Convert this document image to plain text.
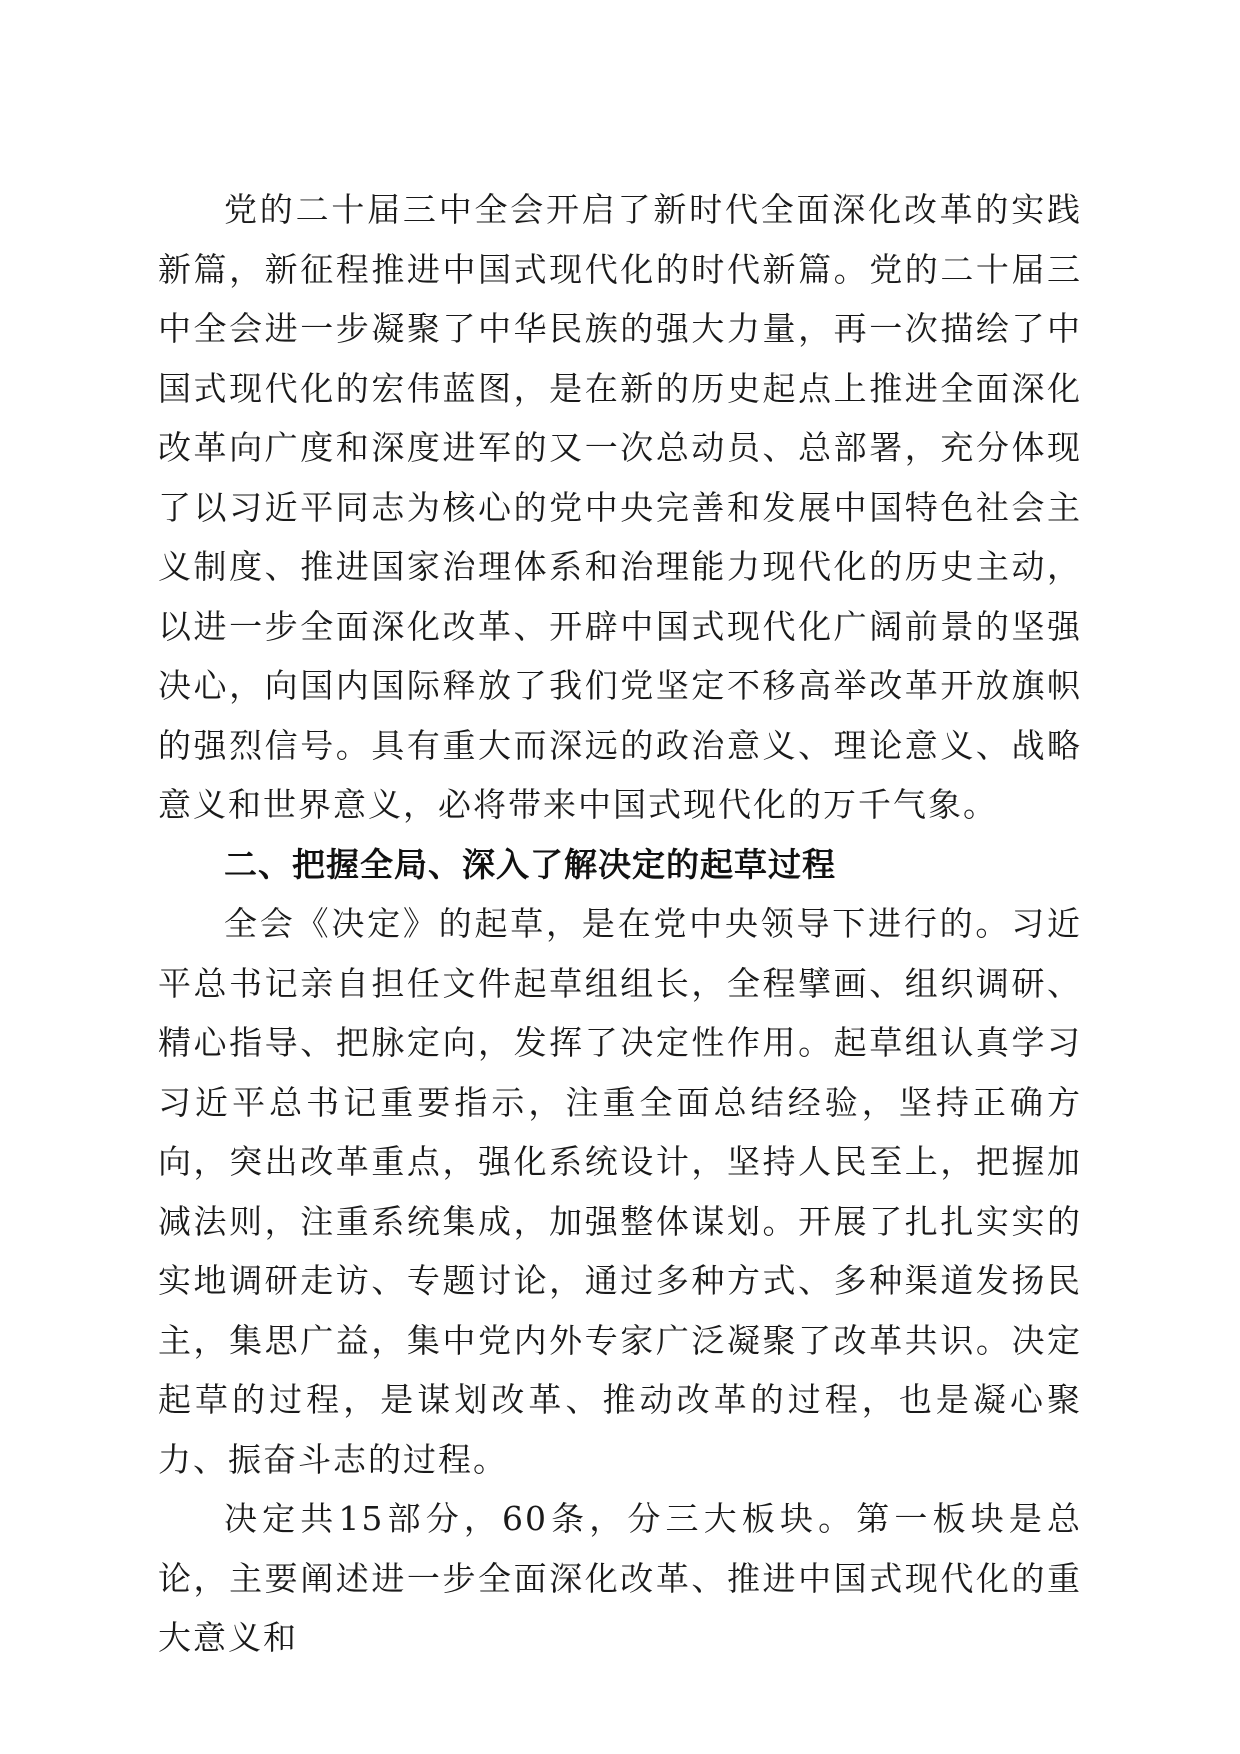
党的二十届三中全会开启了新时代全面深化改革的实践新篇，新征程推进中国式现代化的时代新篇。党的二十届三中全会进一步凝聚了中华民族的强大力量，再一次描绘了中国式现代化的宏伟蓝图，是在新的历史起点上推进全面深化改革向广度和深度进军的又一次总动员、总部署，充分体现了以习近平同志为核心的党中央完善和发展中国特色社会主义制度、推进国家治理体系和治理能力现代化的历史主动，以进一步全面深化改革、开辟中国式现代化广阔前景的坚强决心，向国内国际释放了我们党坚定不移高举改革开放旗帜的强烈信号。具有重大而深远的政治意义、理论意义、战略意义和世界意义，必将带来中国式现代化的万千气象。

二、把握全局、深入了解决定的起草过程

全会《决定》的起草，是在党中央领导下进行的。习近平总书记亲自担任文件起草组组长，全程擘画、组织调研、精心指导、把脉定向，发挥了决定性作用。起草组认真学习习近平总书记重要指示，注重全面总结经验，坚持正确方向，突出改革重点，强化系统设计，坚持人民至上，把握加减法则，注重系统集成，加强整体谋划。开展了扎扎实实的实地调研走访、专题讨论，通过多种方式、多种渠道发扬民主，集思广益，集中党内外专家广泛凝聚了改革共识。决定起草的过程，是谋划改革、推动改革的过程，也是凝心聚力、振奋斗志的过程。

决定共15部分，60条，分三大板块。第一板块是总论，主要阐述进一步全面深化改革、推进中国式现代化的重大意义和
